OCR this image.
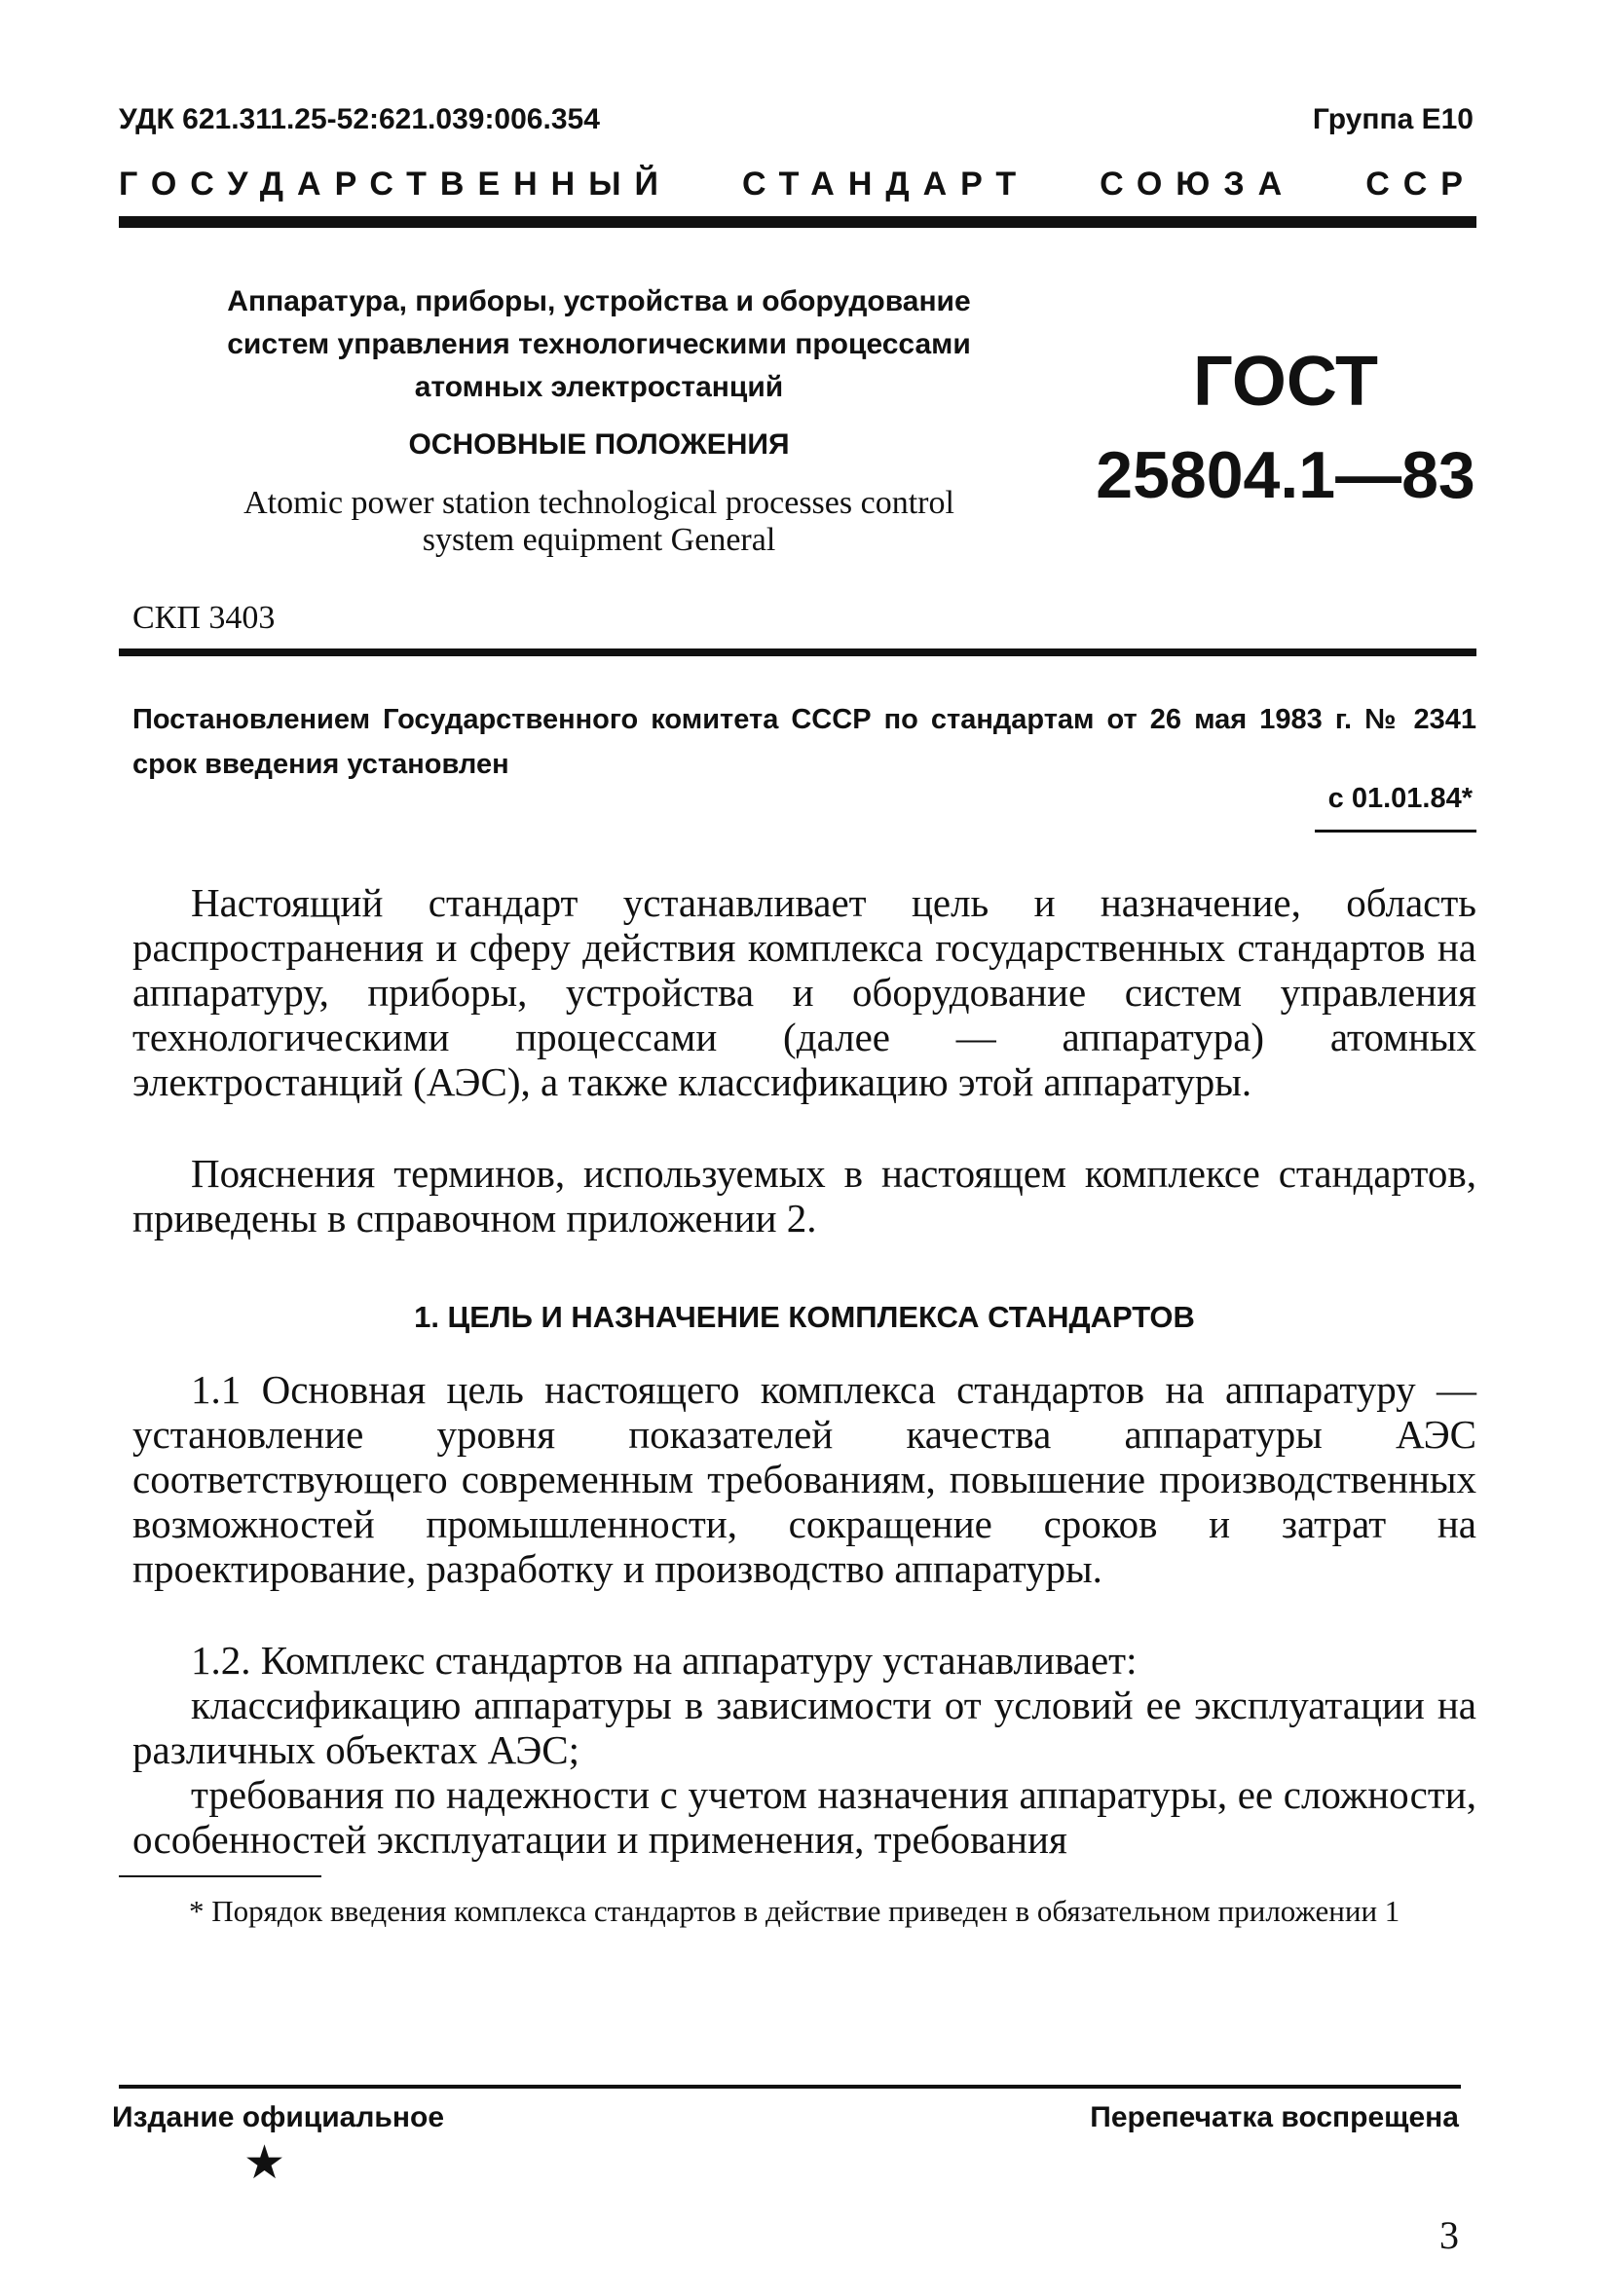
УДК 621.311.25-52:621.039:006.354	Группа Е10
ГОСУДАРСТВЕННЫЙ СТАНДАРТ СОЮЗА ССР
Аппаратура, приборы, устройства и оборудование
систем управления технологическими процессами
атомных электростанций
ОСНОВНЫЕ ПОЛОЖЕНИЯ
Atomic power station technological processes control
system equipment General
ГОСТ
25804.1—83
СКП 3403
Постановлением Государственного комитета СССР по стандартам от 26 мая 1983 г. № 2341 срок введения установлен
с 01.01.84*
Настоящий стандарт устанавливает цель и назначение, область распространения и сферу действия комплекса государственных стандартов на аппаратуру, приборы, устройства и оборудование систем управления технологическими процессами (далее — аппаратура) атомных электростанций (АЭС), а также классификацию этой аппаратуры.
Пояснения терминов, используемых в настоящем комплексе стандартов, приведены в справочном приложении 2.
1. ЦЕЛЬ И НАЗНАЧЕНИЕ КОМПЛЕКСА СТАНДАРТОВ
1.1 Основная цель настоящего комплекса стандартов на аппаратуру — установление уровня показателей качества аппаратуры АЭС соответствующего современным требованиям, повышение производственных возможностей промышленности, сокращение сроков и затрат на проектирование, разработку и производство аппаратуры.
1.2. Комплекс стандартов на аппаратуру устанавливает:
классификацию аппаратуры в зависимости от условий ее эксплуатации на различных объектах АЭС;
требования по надежности с учетом назначения аппаратуры, ее сложности, особенностей эксплуатации и применения, требования
* Порядок введения комплекса стандартов в действие приведен в обязательном приложении 1
Издание официальное	Перепечатка воспрещена
★
3
